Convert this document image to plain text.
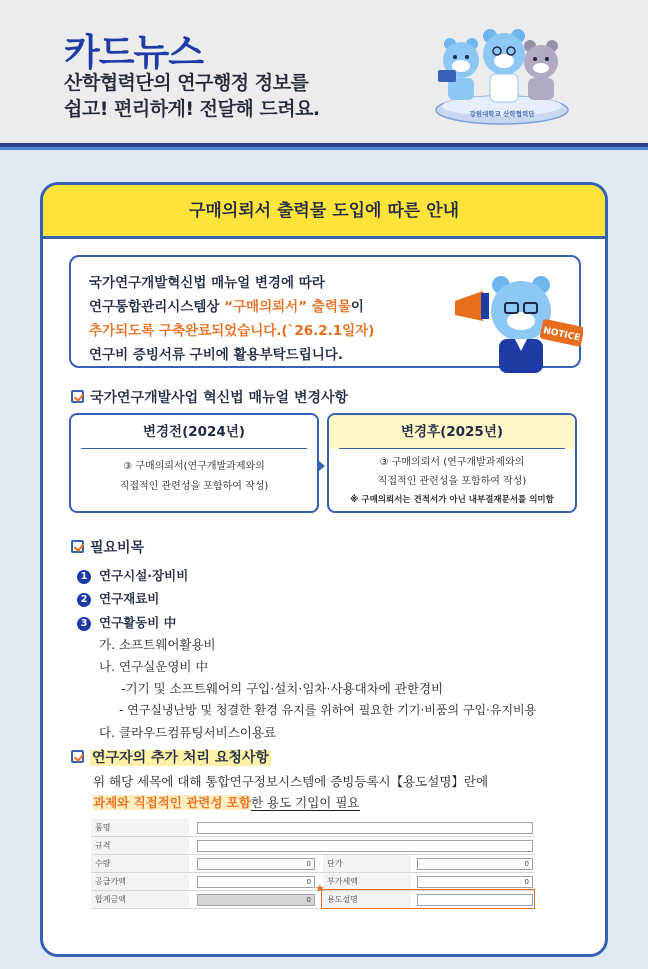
카드뉴스
산학협력단의 연구행정 정보를
쉽고! 편리하게! 전달해 드려요.	강원대학교 산학협력단
구매의뢰서 출력물 도입에 따른 안내
국가연구개발혁신법 매뉴얼 변경에 따라
연구통합관리시스템상 “구매의뢰서” 출력물이
추가되도록 구축완료되었습니다.(`26.2.1일자)
연구비 증빙서류 구비에 활용부탁드립니다.
NOTICE
국가연구개발사업 혁신법 매뉴얼 변경사항
변경전(2024년)
③ 구매의뢰서(연구개발과제와의
직접적인 관련성을 포함하여 작성)
변경후(2025년)
③ 구매의뢰서 (연구개발과제와의
직접적인 관련성을 포함하여 작성)
※ 구매의뢰서는 견적서가 아닌 내부결재문서를 의미함
필요비목
1 연구시설·장비비
2 연구재료비
3 연구활동비 中
가. 소프트웨어활용비
나. 연구실운영비 中
-기기 및 소프트웨어의 구입·설치·임차·사용대차에 관한경비
- 연구실냉난방 및 청결한 환경 유지를 위하여 필요한 기기·비품의 구입·유지비용
다. 클라우드컴퓨팅서비스이용료
연구자의 추가 처리 요청사항
위 해당 세목에 대해 통합연구정보시스템에 증빙등록시【용도설명】란에
과제와 직접적인 관련성 포함한 용도 기입이 필요
품명
규격
수량	0	단가	0
공급가액	0	부가세액	0
합계금액	0	용도설명
★
